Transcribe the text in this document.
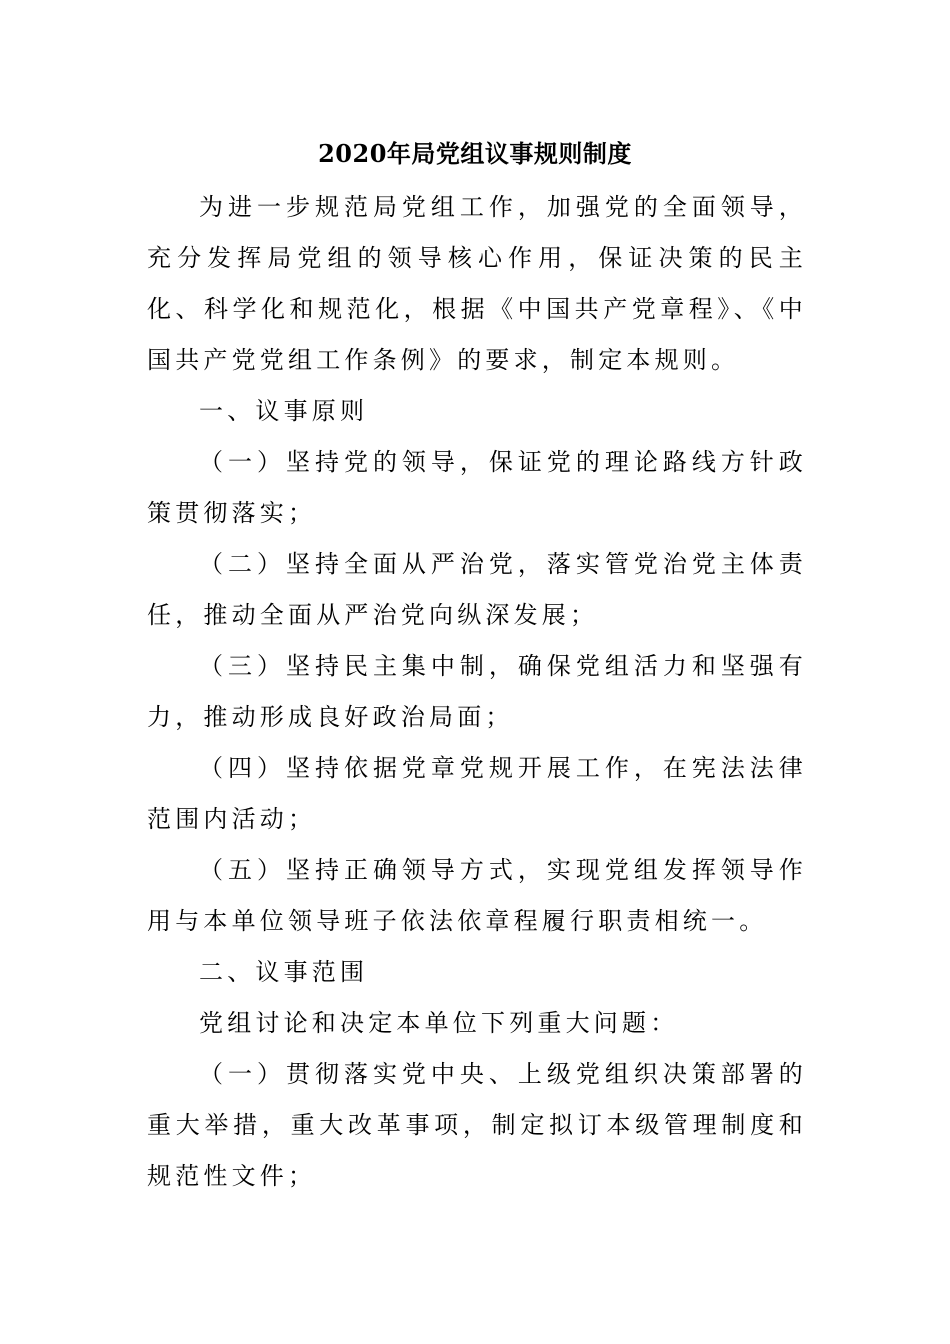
2020年局党组议事规则制度

为进一步规范局党组工作，加强党的全面领导，充分发挥局党组的领导核心作用，保证决策的民主化、科学化和规范化，根据《中国共产党章程》、《中国共产党党组工作条例》的要求，制定本规则。

一、议事原则

（一）坚持党的领导，保证党的理论路线方针政策贯彻落实；

（二）坚持全面从严治党，落实管党治党主体责任，推动全面从严治党向纵深发展；

（三）坚持民主集中制，确保党组活力和坚强有力，推动形成良好政治局面；

（四）坚持依据党章党规开展工作，在宪法法律范围内活动；

（五）坚持正确领导方式，实现党组发挥领导作用与本单位领导班子依法依章程履行职责相统一。

二、议事范围

党组讨论和决定本单位下列重大问题：

（一）贯彻落实党中央、上级党组织决策部署的重大举措，重大改革事项，制定拟订本级管理制度和规范性文件；
